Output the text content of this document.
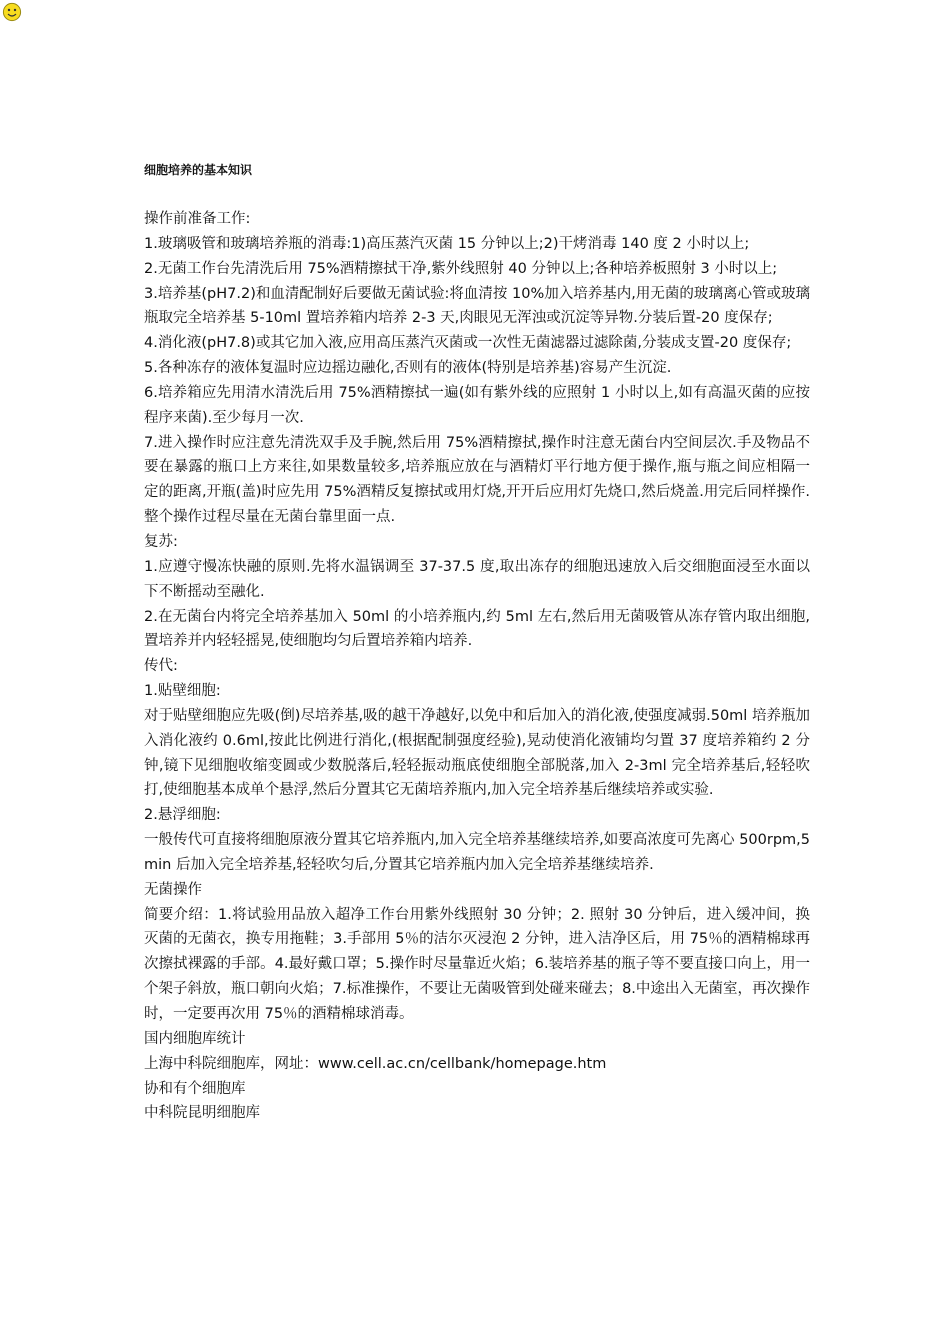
细胞培养的基本知识

操作前准备工作:

1.玻璃吸管和玻璃培养瓶的消毒:1)高压蒸汽灭菌 15 分钟以上;2)干烤消毒 140 度 2 小时以上;

2.无菌工作台先清洗后用 75%酒精擦拭干净,紫外线照射 40 分钟以上;各种培养板照射 3 小时以上;

3.培养基(pH7.2)和血清配制好后要做无菌试验:将血清按 10%加入培养基内,用无菌的玻璃离心管或玻璃瓶取完全培养基 5-10ml 置培养箱内培养 2-3 天,肉眼见无浑浊或沉淀等异物.分装后置-20 度保存;

4.消化液(pH7.8)或其它加入液,应用高压蒸汽灭菌或一次性无菌滤器过滤除菌,分装成支置-20 度保存;

5.各种冻存的液体复温时应边摇边融化,否则有的液体(特别是培养基)容易产生沉淀.

6.培养箱应先用清水清洗后用 75%酒精擦拭一遍(如有紫外线的应照射 1 小时以上,如有高温灭菌的应按程序来菌).至少每月一次.

7.进入操作时应注意先清洗双手及手腕,然后用 75%酒精擦拭,操作时注意无菌台内空间层次.手及物品不要在暴露的瓶口上方来往,如果数量较多,培养瓶应放在与酒精灯平行地方便于操作,瓶与瓶之间应相隔一定的距离,开瓶(盖)时应先用 75%酒精反复擦拭或用灯烧,开开后应用灯先烧口,然后烧盖.用完后同样操作.整个操作过程尽量在无菌台靠里面一点.

复苏:

1.应遵守慢冻快融的原则.先将水温锅调至 37-37.5 度,取出冻存的细胞迅速放入后交细胞面浸至水面以下不断摇动至融化.

2.在无菌台内将完全培养基加入 50ml 的小培养瓶内,约 5ml 左右,然后用无菌吸管从冻存管内取出细胞,置培养并内轻轻摇晃,使细胞均匀后置培养箱内培养.

传代:

1.贴壁细胞:

对于贴壁细胞应先吸(倒)尽培养基,吸的越干净越好,以免中和后加入的消化液,使强度减弱.50ml 培养瓶加入消化液约 0.6ml,按此比例进行消化,(根据配制强度经验),晃动使消化液铺均匀置 37 度培养箱约 2 分钟,镜下见细胞收缩变圆或少数脱落后,轻轻振动瓶底使细胞全部脱落,加入 2-3ml 完全培养基后,轻轻吹打,使细胞基本成单个悬浮,然后分置其它无菌培养瓶内,加入完全培养基后继续培养或实验.

2.悬浮细胞:

一般传代可直接将细胞原液分置其它培养瓶内,加入完全培养基继续培养,如要高浓度可先离心 500rpm,5min 后加入完全培养基,轻轻吹匀后,分置其它培养瓶内加入完全培养基继续培养.

无菌操作

简要介绍：1.将试验用品放入超净工作台用紫外线照射 30 分钟；2. 照射 30 分钟后，进入缓冲间，换灭菌的无菌衣，换专用拖鞋；3.手部用 5％的洁尔灭浸泡 2 分钟，进入洁净区后，用 75％的酒精棉球再次擦拭裸露的手部。4.最好戴口罩；5.操作时尽量靠近火焰；6.装培养基的瓶子等不要直接口向上，用一个架子斜放，瓶口朝向火焰；7.标准操作，不要让无菌吸管到处碰来碰去；8.中途出入无菌室，再次操作时，一定要再次用 75％的酒精棉球消毒。

国内细胞库统计

上海中科院细胞库，网址：www.cell.ac.cn/cellbank/homepage.htm

协和有个细胞库

中科院昆明细胞库
